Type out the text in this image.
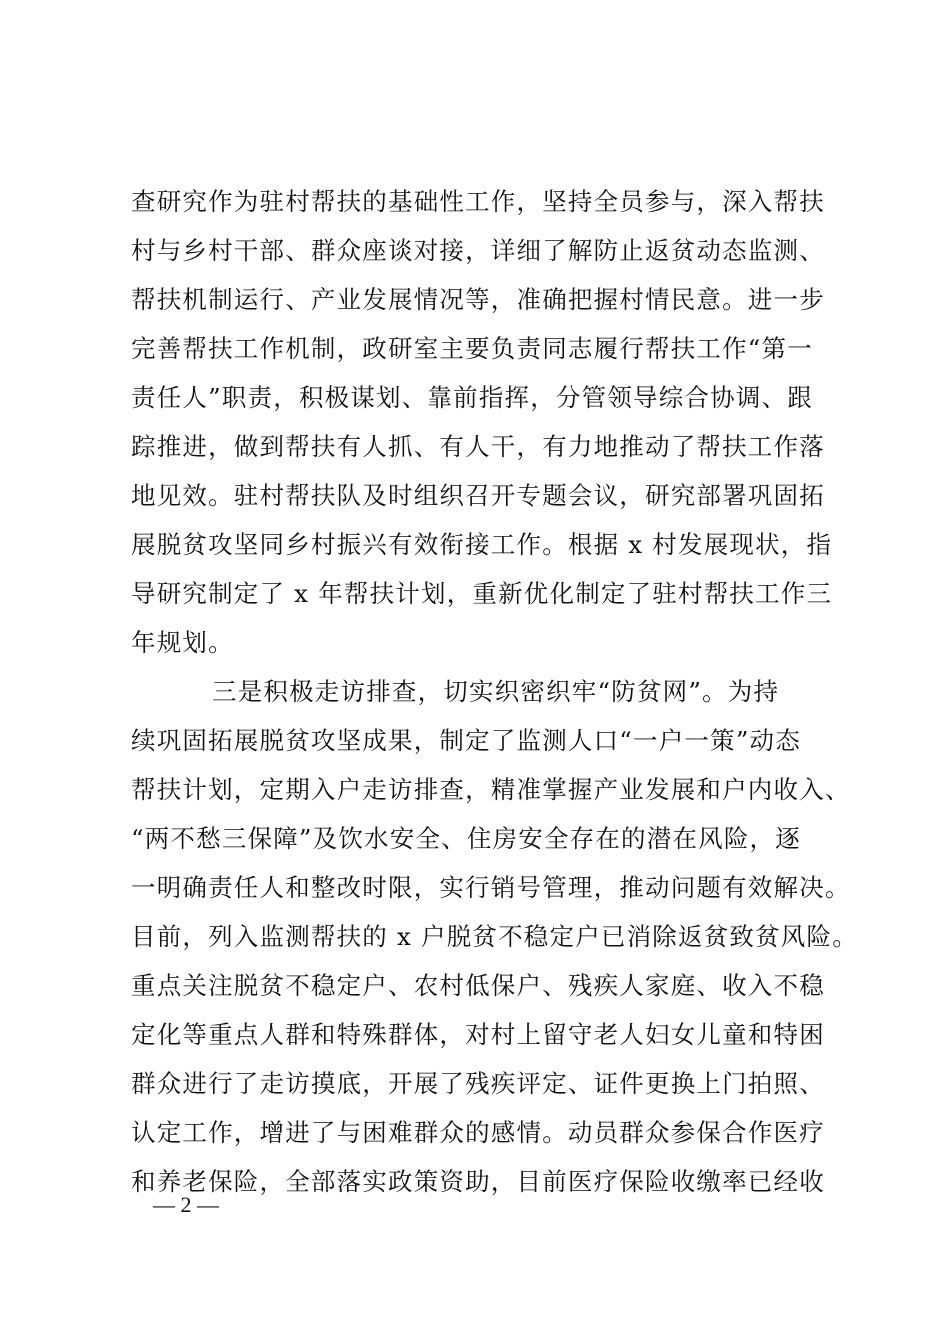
查研究作为驻村帮扶的基础性工作，坚持全员参与，深入帮扶
村与乡村干部、群众座谈对接，详细了解防止返贫动态监测、
帮扶机制运行、产业发展情况等，准确把握村情民意。进一步
完善帮扶工作机制，政研室主要负责同志履行帮扶工作“第一
责任人”职责，积极谋划、靠前指挥，分管领导综合协调、跟
踪推进，做到帮扶有人抓、有人干，有力地推动了帮扶工作落
地见效。驻村帮扶队及时组织召开专题会议，研究部署巩固拓
展脱贫攻坚同乡村振兴有效衔接工作。根据 x 村发展现状，指
导研究制定了 x 年帮扶计划，重新优化制定了驻村帮扶工作三
年规划。
三是积极走访排查，切实织密织牢“防贫网”。为持
续巩固拓展脱贫攻坚成果，制定了监测人口“一户一策”动态
帮扶计划，定期入户走访排查，精准掌握产业发展和户内收入、
“两不愁三保障”及饮水安全、住房安全存在的潜在风险，逐
一明确责任人和整改时限，实行销号管理，推动问题有效解决。
目前，列入监测帮扶的 x 户脱贫不稳定户已消除返贫致贫风险。
重点关注脱贫不稳定户、农村低保户、残疾人家庭、收入不稳
定化等重点人群和特殊群体，对村上留守老人妇女儿童和特困
群众进行了走访摸底，开展了残疾评定、证件更换上门拍照、
认定工作，增进了与困难群众的感情。动员群众参保合作医疗
和养老保险，全部落实政策资助，目前医疗保险收缴率已经收
— 2 —
